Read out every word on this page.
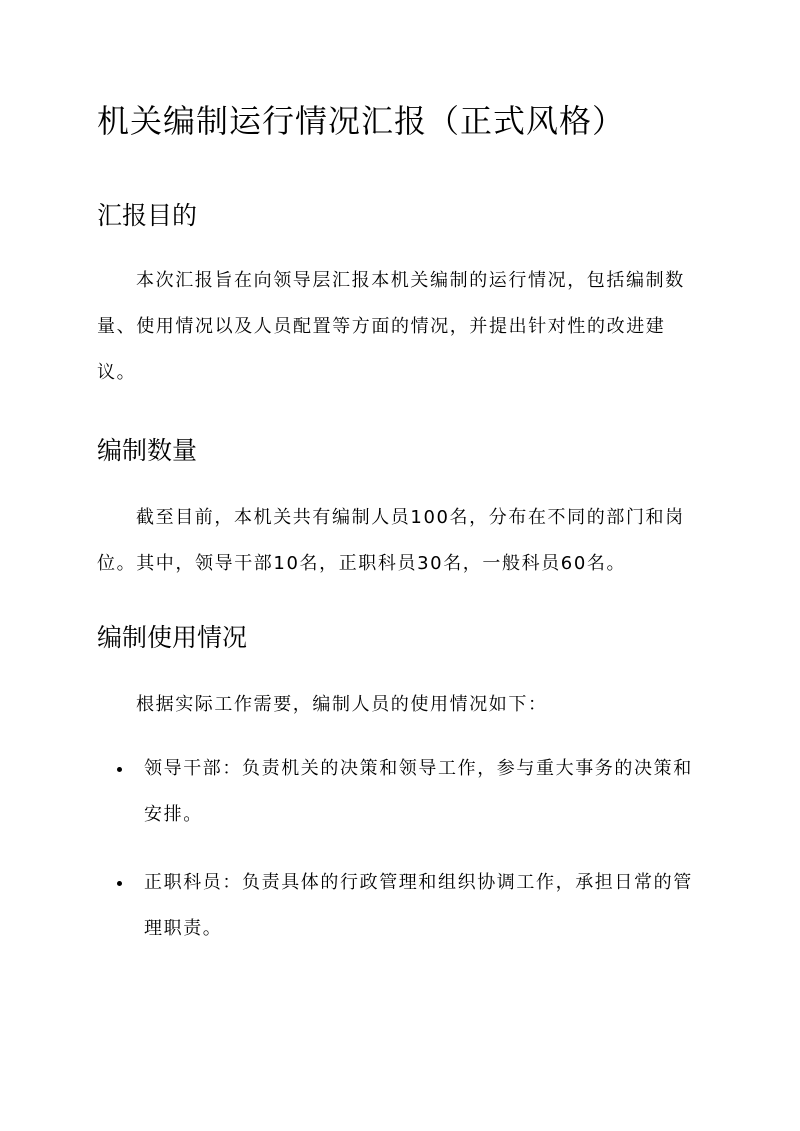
机关编制运行情况汇报（正式风格）
汇报目的

本次汇报旨在向领导层汇报本机关编制的运行情况，包括编制数量、使用情况以及人员配置等方面的情况，并提出针对性的改进建议。

编制数量

截至目前，本机关共有编制人员100名，分布在不同的部门和岗位。其中，领导干部10名，正职科员30名，一般科员60名。

编制使用情况

根据实际工作需要，编制人员的使用情况如下：

领导干部：负责机关的决策和领导工作，参与重大事务的决策和安排。
正职科员：负责具体的行政管理和组织协调工作，承担日常的管理职责。
